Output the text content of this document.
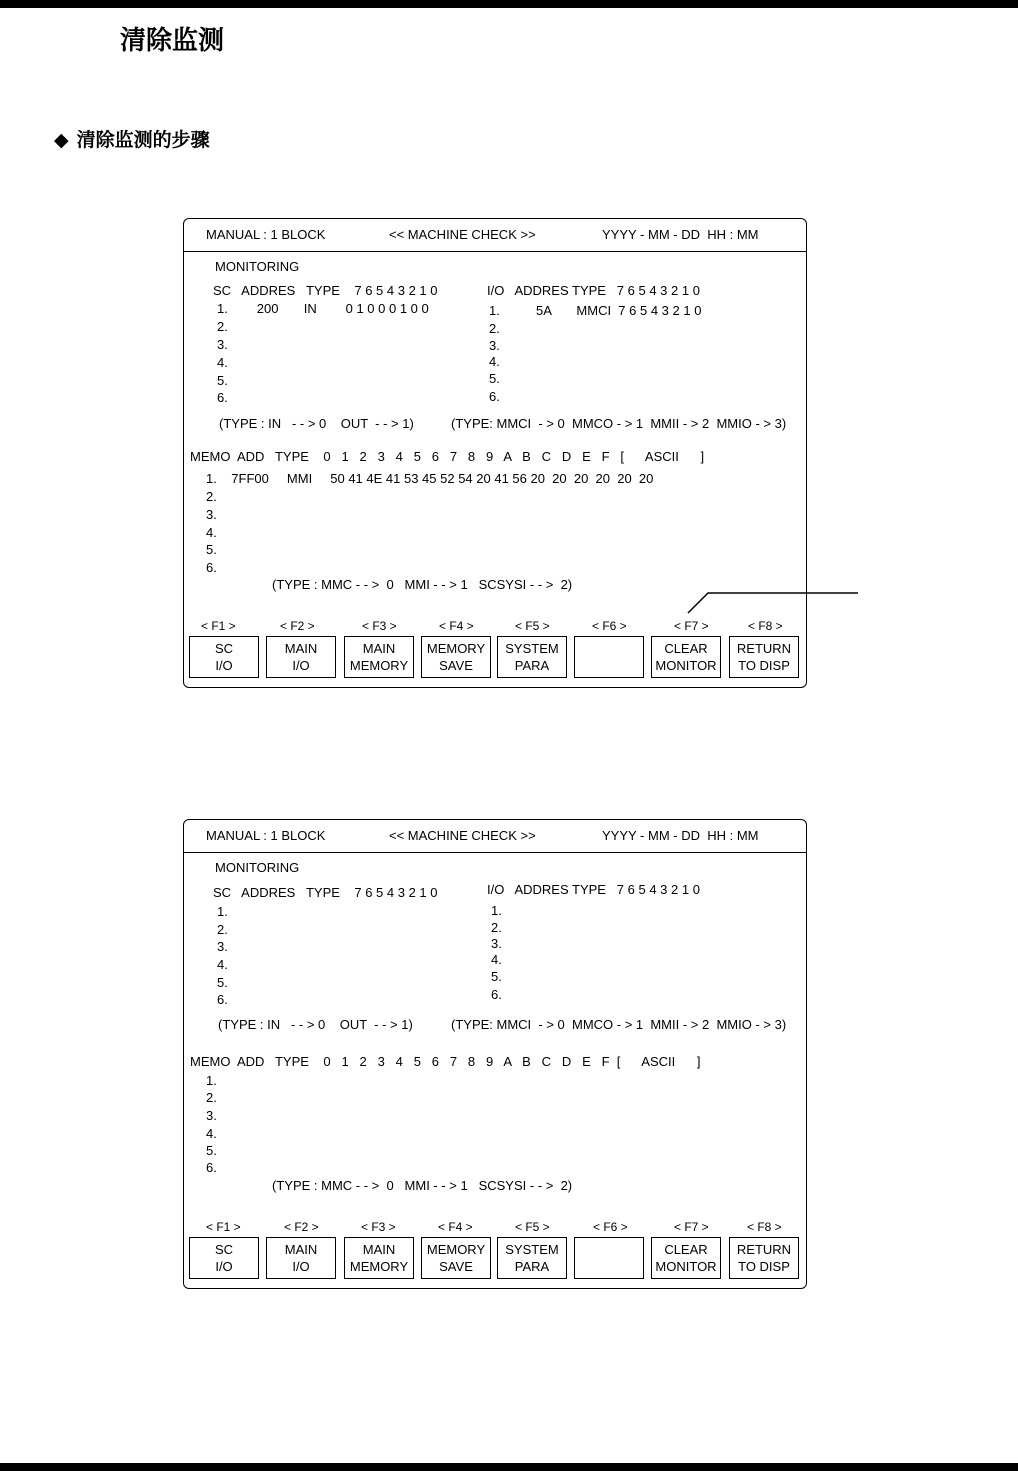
清除监测
◆ 清除监测的步骤
MANUAL : 1 BLOCK	<< MACHINE CHECK >>	YYYY - MM - DD  HH : MM
MONITORING
SC   ADDRES   TYPE    7 6 5 4 3 2 1 0
1.        200       IN        0 1 0 0 0 1 0 0
2.
3.
4.
5.
6.
I/O   ADDRES TYPE   7 6 5 4 3 2 1 0
1.          5A       MMCI  7 6 5 4 3 2 1 0
2.
3.
4.
5.
6.
(TYPE : IN   - - > 0    OUT  - - > 1)	(TYPE: MMCI  - > 0  MMCO - > 1  MMII - > 2  MMIO - > 3)
MEMO  ADD   TYPE    0   1   2   3   4   5   6   7   8   9   A   B   C   D   E   F   [      ASCII      ]
1.    7FF00     MMI     50 41 4E 41 53 45 52 54 20 41 56 20  20  20  20  20  20
2.
3.
4.
5.
6.
(TYPE : MMC - - >  0   MMI - - > 1   SCSYSI - - >  2)
< F1 >	< F2 >	< F3 >	< F4 >	< F5 >	< F6 >	< F7 >	< F8 >
SC
I/O
MAIN
I/O
MAIN
MEMORY
MEMORY
SAVE
SYSTEM
PARA
CLEAR
MONITOR
RETURN
TO DISP
MANUAL : 1 BLOCK	<< MACHINE CHECK >>	YYYY - MM - DD  HH : MM
MONITORING
SC   ADDRES   TYPE    7 6 5 4 3 2 1 0
1.
2.
3.
4.
5.
6.
I/O   ADDRES TYPE   7 6 5 4 3 2 1 0
1.
2.
3.
4.
5.
6.
(TYPE : IN   - - > 0    OUT  - - > 1)	(TYPE: MMCI  - > 0  MMCO - > 1  MMII - > 2  MMIO - > 3)
MEMO  ADD   TYPE    0   1   2   3   4   5   6   7   8   9   A   B   C   D   E   F  [      ASCII      ]
1.
2.
3.
4.
5.
6.
(TYPE : MMC - - >  0   MMI - - > 1   SCSYSI - - >  2)
< F1 >	< F2 >	< F3 >	< F4 >	< F5 >	< F6 >	< F7 >	< F8 >
SC
I/O
MAIN
I/O
MAIN
MEMORY
MEMORY
SAVE
SYSTEM
PARA
CLEAR
MONITOR
RETURN
TO DISP
